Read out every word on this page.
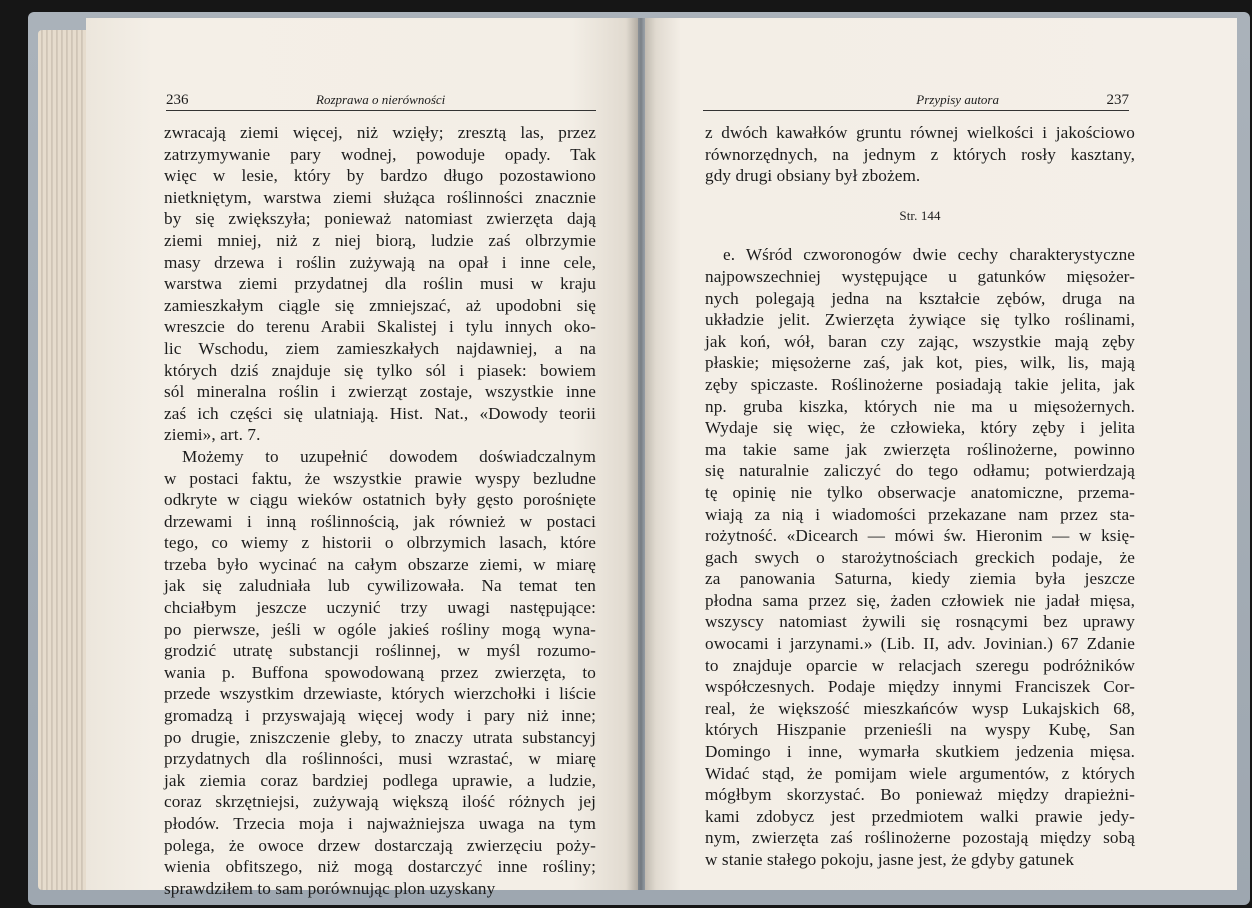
236	Rozprawa o nierówności
zwracają ziemi więcej, niż wzięły; zresztą las, przez
zatrzymywanie pary wodnej, powoduje opady. Tak
więc w lesie, który by bardzo długo pozostawiono
nietkniętym, warstwa ziemi służąca roślinności znacznie
by się zwiększyła; ponieważ natomiast zwierzęta dają
ziemi mniej, niż z niej biorą, ludzie zaś olbrzymie
masy drzewa i roślin zużywają na opał i inne cele,
warstwa ziemi przydatnej dla roślin musi w kraju
zamieszkałym ciągle się zmniejszać, aż upodobni się
wreszcie do terenu Arabii Skalistej i tylu innych oko-
lic Wschodu, ziem zamieszkałych najdawniej, a na
których dziś znajduje się tylko sól i piasek: bowiem
sól mineralna roślin i zwierząt zostaje, wszystkie inne
zaś ich części się ulatniają. Hist. Nat., «Dowody teorii
ziemi», art. 7.
Możemy to uzupełnić dowodem doświadczalnym
w postaci faktu, że wszystkie prawie wyspy bezludne
odkryte w ciągu wieków ostatnich były gęsto porośnięte
drzewami i inną roślinnością, jak również w postaci
tego, co wiemy z historii o olbrzymich lasach, które
trzeba było wycinać na całym obszarze ziemi, w miarę
jak się zaludniała lub cywilizowała. Na temat ten
chciałbym jeszcze uczynić trzy uwagi następujące:
po pierwsze, jeśli w ogóle jakieś rośliny mogą wyna-
grodzić utratę substancji roślinnej, w myśl rozumo-
wania p. Buffona spowodowaną przez zwierzęta, to
przede wszystkim drzewiaste, których wierzchołki i liście
gromadzą i przyswajają więcej wody i pary niż inne;
po drugie, zniszczenie gleby, to znaczy utrata substancyj
przydatnych dla roślinności, musi wzrastać, w miarę
jak ziemia coraz bardziej podlega uprawie, a ludzie,
coraz skrzętniejsi, zużywają większą ilość różnych jej
płodów. Trzecia moja i najważniejsza uwaga na tym
polega, że owoce drzew dostarczają zwierzęciu poży-
wienia obfitszego, niż mogą dostarczyć inne rośliny;
sprawdziłem to sam porównując plon uzyskany
Przypisy autora	237
z dwóch kawałków gruntu równej wielkości i jakościowo
równorzędnych, na jednym z których rosły kasztany,
gdy drugi obsiany był zbożem.
Str. 144
e. Wśród czworonogów dwie cechy charakterystyczne
najpowszechniej występujące u gatunków mięsożer-
nych polegają jedna na kształcie zębów, druga na
układzie jelit. Zwierzęta żywiące się tylko roślinami,
jak koń, wół, baran czy zając, wszystkie mają zęby
płaskie; mięsożerne zaś, jak kot, pies, wilk, lis, mają
zęby spiczaste. Roślinożerne posiadają takie jelita, jak
np. gruba kiszka, których nie ma u mięsożernych.
Wydaje się więc, że człowieka, który zęby i jelita
ma takie same jak zwierzęta roślinożerne, powinno
się naturalnie zaliczyć do tego odłamu; potwierdzają
tę opinię nie tylko obserwacje anatomiczne, przema-
wiają za nią i wiadomości przekazane nam przez sta-
rożytność. «Dicearch — mówi św. Hieronim — w księ-
gach swych o starożytnościach greckich podaje, że
za panowania Saturna, kiedy ziemia była jeszcze
płodna sama przez się, żaden człowiek nie jadał mięsa,
wszyscy natomiast żywili się rosnącymi bez uprawy
owocami i jarzynami.» (Lib. II, adv. Jovinian.) 67 Zdanie
to znajduje oparcie w relacjach szeregu podróżników
współczesnych. Podaje między innymi Franciszek Cor-
real, że większość mieszkańców wysp Lukajskich 68,
których Hiszpanie przenieśli na wyspy Kubę, San
Domingo i inne, wymarła skutkiem jedzenia mięsa.
Widać stąd, że pomijam wiele argumentów, z których
mógłbym skorzystać. Bo ponieważ między drapieżni-
kami zdobycz jest przedmiotem walki prawie jedy-
nym, zwierzęta zaś roślinożerne pozostają między sobą
w stanie stałego pokoju, jasne jest, że gdyby gatunek
